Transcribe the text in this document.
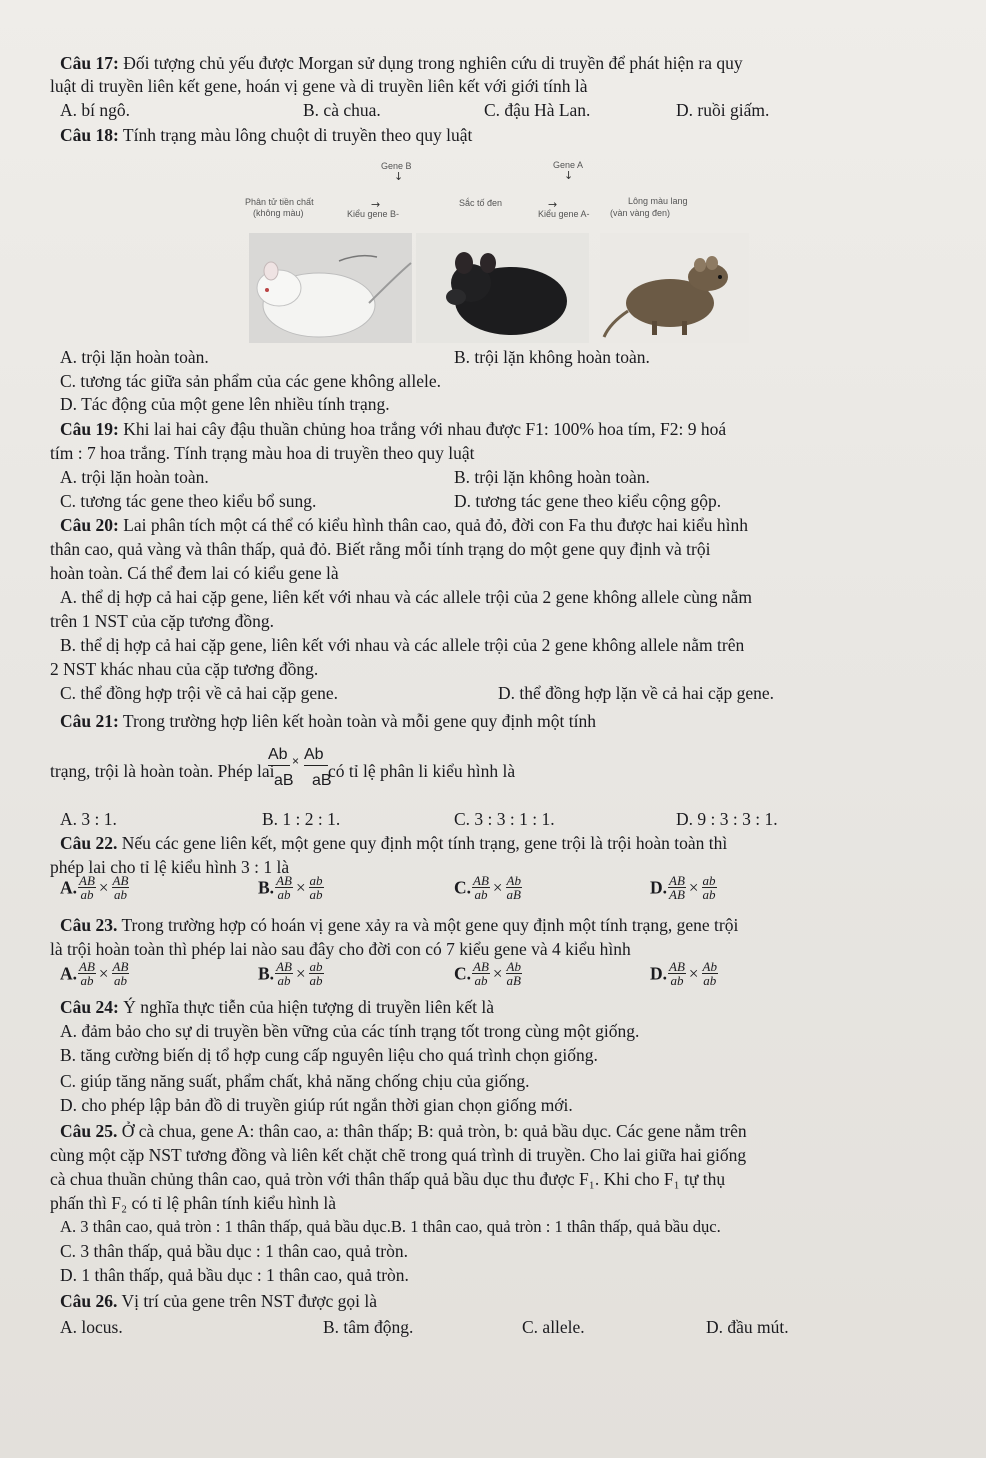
Câu 17: Đối tượng chủ yếu được Morgan sử dụng trong nghiên cứu di truyền để phát hiện ra quy
luật di truyền liên kết gene, hoán vị gene và di truyền liên kết với giới tính là
A. bí ngô.	B. cà chua.	C. đậu Hà Lan.	D. ruồi giấm.
Câu 18: Tính trạng màu lông chuột di truyền theo quy luật
Gene B
↓
Gene A
↓
Phân tử tiền chất
(không màu)
→
Kiểu gene B-
Sắc tố đen	→
Kiểu gene A-
Lông màu lang
(vàn vàng đen)
A. trội lặn hoàn toàn.	B. trội lặn không hoàn toàn.
C. tương tác giữa sản phẩm của các gene không allele.
D. Tác động của một gene lên nhiều tính trạng.
Câu 19: Khi lai hai cây đậu thuần chủng hoa trắng với nhau được F1: 100% hoa tím, F2: 9 hoá
tím : 7 hoa trắng. Tính trạng màu hoa di truyền theo quy luật
A. trội lặn hoàn toàn.	B. trội lặn không hoàn toàn.
C. tương tác gene theo kiểu bổ sung.	D. tương tác gene theo kiểu cộng gộp.
Câu 20: Lai phân tích một cá thể có kiểu hình thân cao, quả đỏ, đời con Fa thu được hai kiểu hình
thân cao, quả vàng và thân thấp, quả đỏ. Biết rằng mỗi tính trạng do một gene quy định và trội
hoàn toàn. Cá thể đem lai có kiểu gene là
A. thể dị hợp cả hai cặp gene, liên kết với nhau và các allele trội của 2 gene không allele cùng nằm
trên 1 NST của cặp tương đồng.
B. thể dị hợp cả hai cặp gene, liên kết với nhau và các allele trội của 2 gene không allele nằm trên
2 NST khác nhau của cặp tương đồng.
C. thể đồng hợp trội về cả hai cặp gene.	D. thể đồng hợp lặn về cả hai cặp gene.
Câu 21: Trong trường hợp liên kết hoàn toàn và mỗi gene quy định một tính
trạng, trội là hoàn toàn. Phép lai
Ab × Ab
aB aB
có tỉ lệ phân li kiểu hình là
A. 3 : 1.	B. 1 : 2 : 1.	C. 3 : 3 : 1 : 1.	D. 9 : 3 : 3 : 1.
Câu 22. Nếu các gene liên kết, một gene quy định một tính trạng, gene trội là trội hoàn toàn thì
phép lai cho tỉ lệ kiểu hình 3 : 1 là
A. $\frac{AB}{ab} \times \frac{AB}{ab}$	B. $\frac{AB}{ab} \times \frac{ab}{ab}$	C. $\frac{AB}{ab} \times \frac{Ab}{aB}$	D. $\frac{AB}{AB} \times \frac{ab}{ab}$
Câu 23. Trong trường hợp có hoán vị gene xảy ra và một gene quy định một tính trạng, gene trội
là trội hoàn toàn thì phép lai nào sau đây cho đời con có 7 kiểu gene và 4 kiểu hình
A. $\frac{AB}{ab} \times \frac{AB}{ab}$	B. $\frac{AB}{ab} \times \frac{ab}{ab}$	C. $\frac{AB}{ab} \times \frac{Ab}{aB}$	D. $\frac{AB}{ab} \times \frac{Ab}{ab}$
Câu 24: Ý nghĩa thực tiễn của hiện tượng di truyền liên kết là
A. đảm bảo cho sự di truyền bền vững của các tính trạng tốt trong cùng một giống.
B. tăng cường biến dị tổ hợp cung cấp nguyên liệu cho quá trình chọn giống.
C. giúp tăng năng suất, phẩm chất, khả năng chống chịu của giống.
D. cho phép lập bản đồ di truyền giúp rút ngắn thời gian chọn giống mới.
Câu 25. Ở cà chua, gene A: thân cao, a: thân thấp; B: quả tròn, b: quả bầu dục. Các gene nằm trên
cùng một cặp NST tương đồng và liên kết chặt chẽ trong quá trình di truyền. Cho lai giữa hai giống
cà chua thuần chủng thân cao, quả tròn với thân thấp quả bầu dục thu được F₁. Khi cho F₁ tự thụ
phấn thì F₂ có tỉ lệ phân tính kiểu hình là
A. 3 thân cao, quả tròn : 1 thân thấp, quả bầu dục.B. 1 thân cao, quả tròn : 1 thân thấp, quả bầu dục.
C. 3 thân thấp, quả bầu dục : 1 thân cao, quả tròn.
D. 1 thân thấp, quả bầu dục : 1 thân cao, quả tròn.
Câu 26. Vị trí của gene trên NST được gọi là
A. locus.	B. tâm động.	C. allele.	D. đầu mút.
